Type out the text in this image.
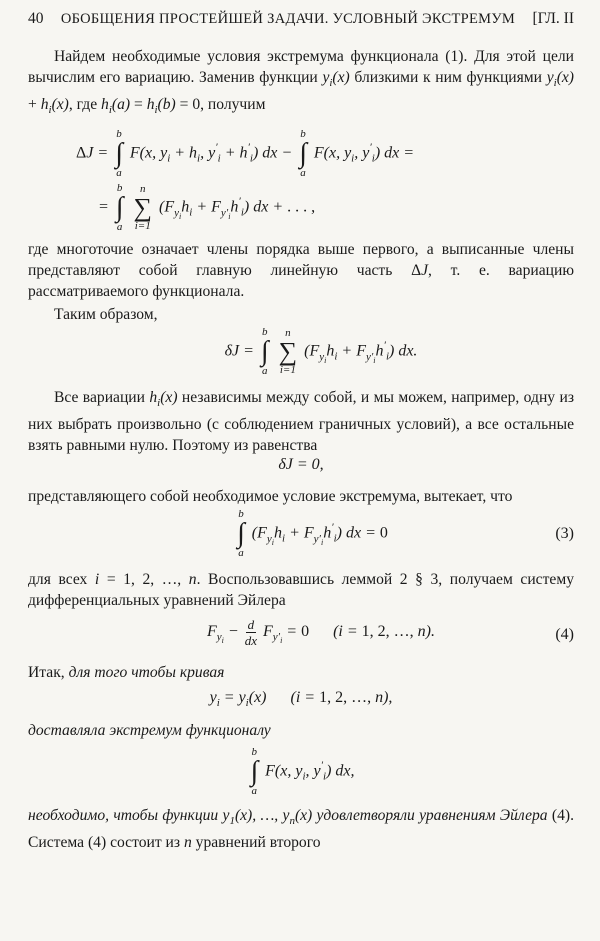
40 ОБОБЩЕНИЯ ПРОСТЕЙШЕЙ ЗАДАЧИ. УСЛОВНЫЙ ЭКСТРЕМУМ [ГЛ. II

Найдем необходимые условия экстремума функционала (1). Для этой цели вычислим его вариацию. Заменив функции $y_i(x)$ близкими к ним функциями $y_i(x) + h_i(x)$, где $h_i(a) = h_i(b) = 0$, получим

ΔJ =
b
∫
a
F(x, $y_i + h_i$, $y'_i + h'_i$) dx −
b
∫
a
F(x, $y_i$, $y'_i$) dx =
=
b
∫
a

n
∑
i=1
$(F_{y_i}h_i + F_{y'_i}h'_i)$ dx + . . . ,

где многоточие означает члены порядка выше первого, а выписанные члены представляют собой главную линейную часть ΔJ, т. е. вариацию рассматриваемого функционала.

Таким образом,

δJ =
b
∫
a

n
∑
i=1
$(F_{y_i}h_i + F_{y'_i}h'_i)$ dx.

Все вариации $h_i(x)$ независимы между собой, и мы можем, например, одну из них выбрать произвольно (с соблюдением граничных условий), а все остальные взять равными нулю. Поэтому из равенства

δJ = 0,

представляющего собой необходимое условие экстремума, вытекает, что

b
∫
a
$(F_{y_i}h_i + F_{y'_i}h'_i)$ dx = 0	(3)

для всех i = 1, 2, …, n. Воспользовавшись леммой 2 § 3, получаем систему дифференциальных уравнений Эйлера

$F_{y_i} - \frac{d}{dx} F_{y'_i} = 0$      (i = 1, 2, …, n).	(4)

Итак, для того чтобы кривая

$y_i = y_i(x)$      (i = 1, 2, …, n),

доставляла экстремум функционалу

b
∫
a
F(x, $y_i$, $y'_i$) dx,

необходимо, чтобы функции $y_1(x)$, …, $y_n(x)$ удовлетворяли уравнениям Эйлера (4). Система (4) состоит из n уравнений второго
